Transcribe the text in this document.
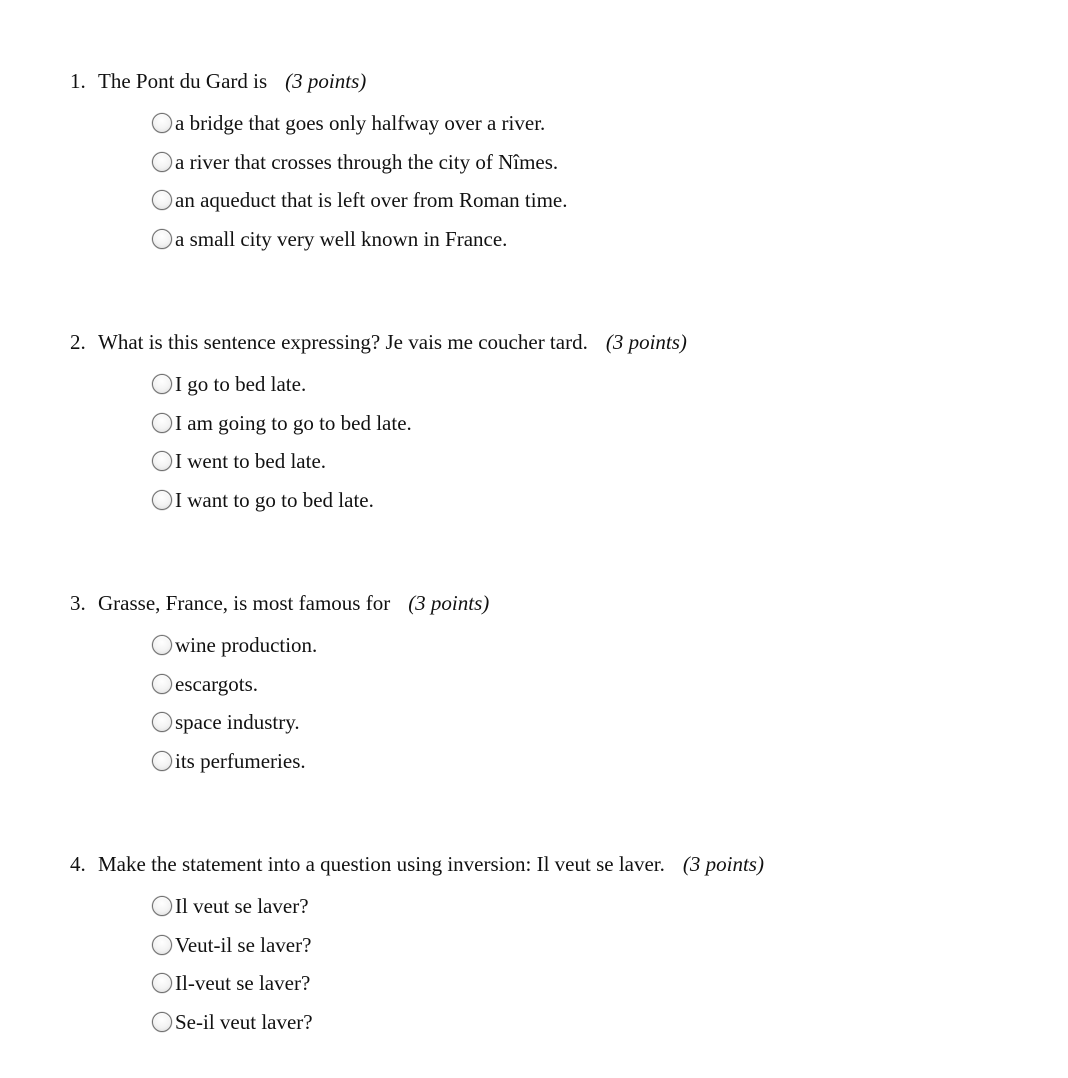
1. The Pont du Gard is (3 points)
a bridge that goes only halfway over a river.
a river that crosses through the city of Nîmes.
an aqueduct that is left over from Roman time.
a small city very well known in France.
2. What is this sentence expressing? Je vais me coucher tard. (3 points)
I go to bed late.
I am going to go to bed late.
I went to bed late.
I want to go to bed late.
3. Grasse, France, is most famous for (3 points)
wine production.
escargots.
space industry.
its perfumeries.
4. Make the statement into a question using inversion: Il veut se laver. (3 points)
Il veut se laver?
Veut-il se laver?
Il-veut se laver?
Se-il veut laver?
